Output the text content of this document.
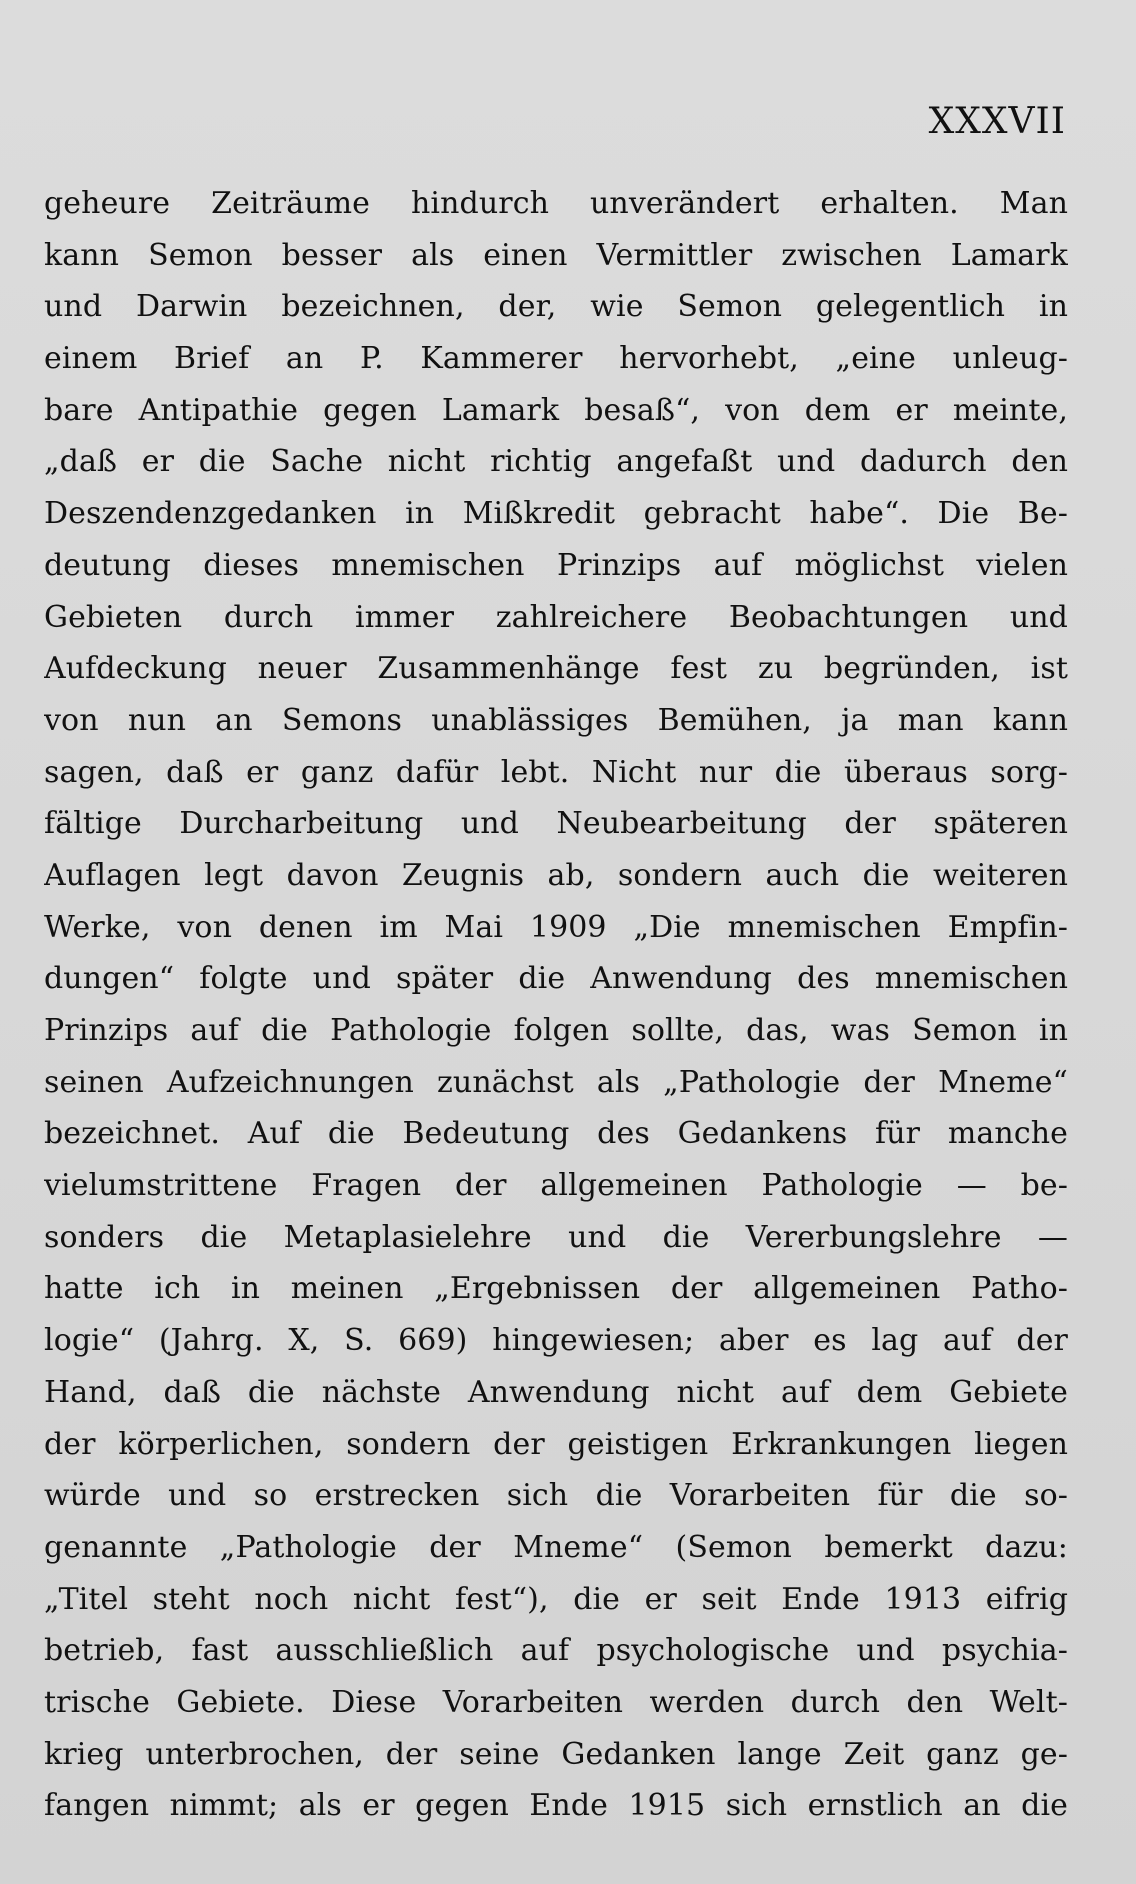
XXXVII
geheure Zeiträume hindurch unverändert erhalten. Man
kann Semon besser als einen Vermittler zwischen Lamark
und Darwin bezeichnen, der, wie Semon gelegentlich in
einem Brief an P. Kammerer hervorhebt, „eine unleug-
bare Antipathie gegen Lamark besaß“, von dem er meinte,
„daß er die Sache nicht richtig angefaßt und dadurch den
Deszendenzgedanken in Mißkredit gebracht habe“. Die Be-
deutung dieses mnemischen Prinzips auf möglichst vielen
Gebieten durch immer zahlreichere Beobachtungen und
Aufdeckung neuer Zusammenhänge fest zu begründen, ist
von nun an Semons unablässiges Bemühen, ja man kann
sagen, daß er ganz dafür lebt. Nicht nur die überaus sorg-
fältige Durcharbeitung und Neubearbeitung der späteren
Auflagen legt davon Zeugnis ab, sondern auch die weiteren
Werke, von denen im Mai 1909 „Die mnemischen Empfin-
dungen“ folgte und später die Anwendung des mnemischen
Prinzips auf die Pathologie folgen sollte, das, was Semon in
seinen Aufzeichnungen zunächst als „Pathologie der Mneme“
bezeichnet. Auf die Bedeutung des Gedankens für manche
vielumstrittene Fragen der allgemeinen Pathologie — be-
sonders die Metaplasielehre und die Vererbungslehre —
hatte ich in meinen „Ergebnissen der allgemeinen Patho-
logie“ (Jahrg. X, S. 669) hingewiesen; aber es lag auf der
Hand, daß die nächste Anwendung nicht auf dem Gebiete
der körperlichen, sondern der geistigen Erkrankungen liegen
würde und so erstrecken sich die Vorarbeiten für die so-
genannte „Pathologie der Mneme“ (Semon bemerkt dazu:
„Titel steht noch nicht fest“), die er seit Ende 1913 eifrig
betrieb, fast ausschließlich auf psychologische und psychia-
trische Gebiete. Diese Vorarbeiten werden durch den Welt-
krieg unterbrochen, der seine Gedanken lange Zeit ganz ge-
fangen nimmt; als er gegen Ende 1915 sich ernstlich an die
